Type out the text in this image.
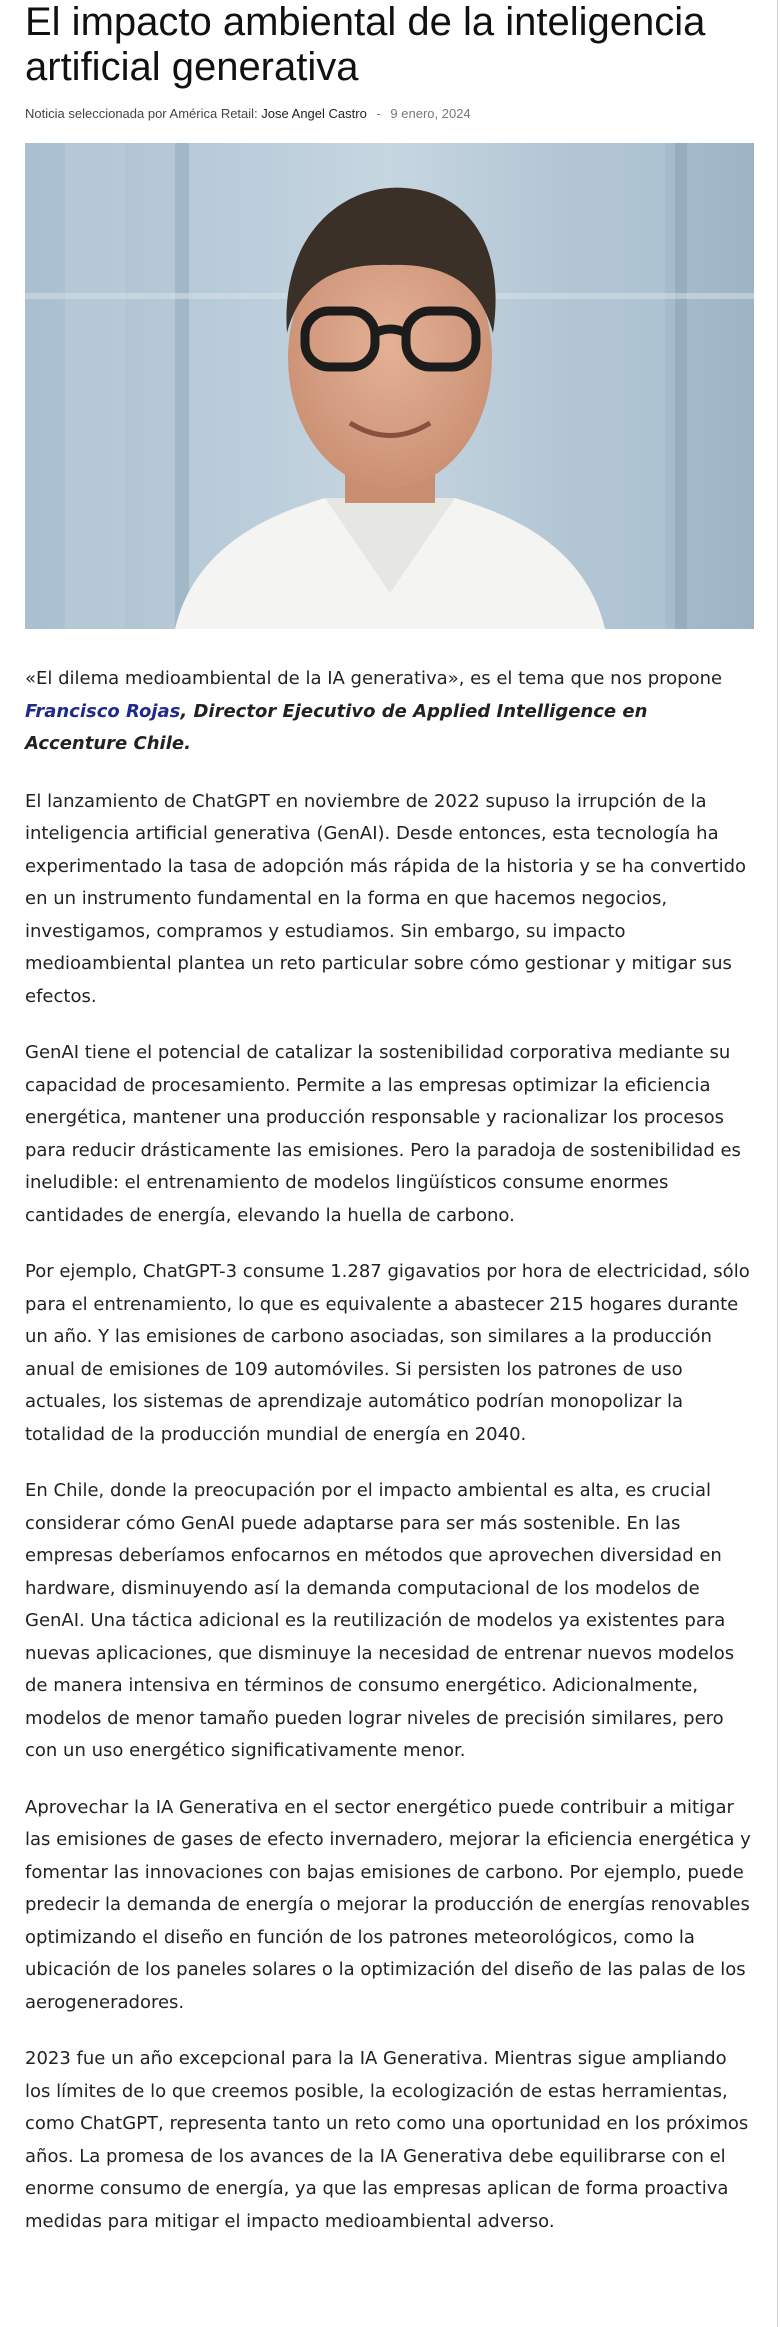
El impacto ambiental de la inteligencia artificial generativa
Noticia seleccionada por América Retail: Jose Angel Castro - 9 enero, 2024

«El dilema medioambiental de la IA generativa», es el tema que nos propone Francisco Rojas, Director Ejecutivo de Applied Intelligence en Accenture Chile.

El lanzamiento de ChatGPT en noviembre de 2022 supuso la irrupción de la inteligencia artificial generativa (GenAI). Desde entonces, esta tecnología ha experimentado la tasa de adopción más rápida de la historia y se ha convertido en un instrumento fundamental en la forma en que hacemos negocios, investigamos, compramos y estudiamos. Sin embargo, su impacto medioambiental plantea un reto particular sobre cómo gestionar y mitigar sus efectos.

GenAI tiene el potencial de catalizar la sostenibilidad corporativa mediante su capacidad de procesamiento. Permite a las empresas optimizar la eficiencia energética, mantener una producción responsable y racionalizar los procesos para reducir drásticamente las emisiones. Pero la paradoja de sostenibilidad es ineludible: el entrenamiento de modelos lingüísticos consume enormes cantidades de energía, elevando la huella de carbono.

Por ejemplo, ChatGPT-3 consume 1.287 gigavatios por hora de electricidad, sólo para el entrenamiento, lo que es equivalente a abastecer 215 hogares durante un año. Y las emisiones de carbono asociadas, son similares a la producción anual de emisiones de 109 automóviles. Si persisten los patrones de uso actuales, los sistemas de aprendizaje automático podrían monopolizar la totalidad de la producción mundial de energía en 2040.

En Chile, donde la preocupación por el impacto ambiental es alta, es crucial considerar cómo GenAI puede adaptarse para ser más sostenible. En las empresas deberíamos enfocarnos en métodos que aprovechen diversidad en hardware, disminuyendo así la demanda computacional de los modelos de GenAI. Una táctica adicional es la reutilización de modelos ya existentes para nuevas aplicaciones, que disminuye la necesidad de entrenar nuevos modelos de manera intensiva en términos de consumo energético. Adicionalmente, modelos de menor tamaño pueden lograr niveles de precisión similares, pero con un uso energético significativamente menor.

Aprovechar la IA Generativa en el sector energético puede contribuir a mitigar las emisiones de gases de efecto invernadero, mejorar la eficiencia energética y fomentar las innovaciones con bajas emisiones de carbono. Por ejemplo, puede predecir la demanda de energía o mejorar la producción de energías renovables optimizando el diseño en función de los patrones meteorológicos, como la ubicación de los paneles solares o la optimización del diseño de las palas de los aerogeneradores.

2023 fue un año excepcional para la IA Generativa. Mientras sigue ampliando los límites de lo que creemos posible, la ecologización de estas herramientas, como ChatGPT, representa tanto un reto como una oportunidad en los próximos años. La promesa de los avances de la IA Generativa debe equilibrarse con el enorme consumo de energía, ya que las empresas aplican de forma proactiva medidas para mitigar el impacto medioambiental adverso.
